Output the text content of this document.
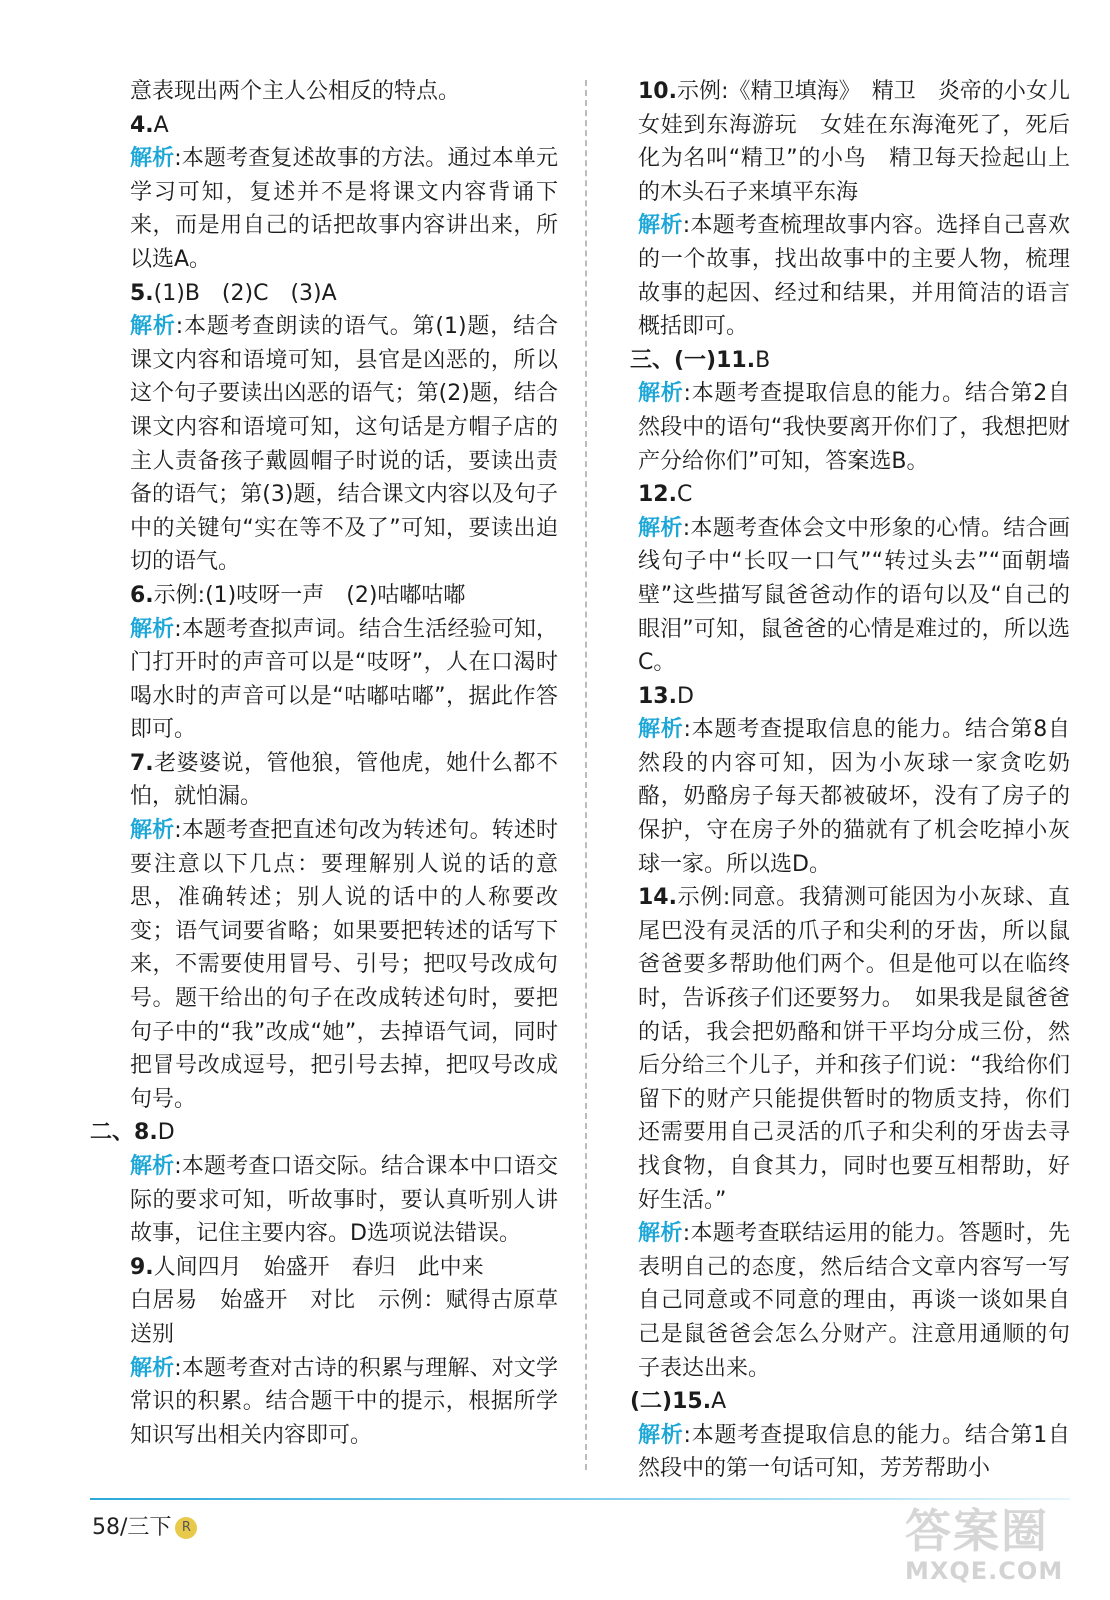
意表现出两个主人公相反的特点。
4.A
解析:本题考查复述故事的方法。通过本单元学习可知，复述并不是将课文内容背诵下来，而是用自己的话把故事内容讲出来，所以选A。
5.(1)B　(2)C　(3)A
解析:本题考查朗读的语气。第(1)题，结合课文内容和语境可知，县官是凶恶的，所以这个句子要读出凶恶的语气；第(2)题，结合课文内容和语境可知，这句话是方帽子店的主人责备孩子戴圆帽子时说的话，要读出责备的语气；第(3)题，结合课文内容以及句子中的关键句“实在等不及了”可知，要读出迫切的语气。
6.示例:(1)吱呀一声　(2)咕嘟咕嘟
解析:本题考查拟声词。结合生活经验可知，门打开时的声音可以是“吱呀”，人在口渴时喝水时的声音可以是“咕嘟咕嘟”，据此作答即可。
7.老婆婆说，管他狼，管他虎，她什么都不怕，就怕漏。
解析:本题考查把直述句改为转述句。转述时要注意以下几点：要理解别人说的话的意思，准确转述；别人说的话中的人称要改变；语气词要省略；如果要把转述的话写下来，不需要使用冒号、引号；把叹号改成句号。题干给出的句子在改成转述句时，要把句子中的“我”改成“她”，去掉语气词，同时把冒号改成逗号，把引号去掉，把叹号改成句号。
二、8.D
解析:本题考查口语交际。结合课本中口语交际的要求可知，听故事时，要认真听别人讲故事，记住主要内容。D选项说法错误。
9.人间四月　始盛开　春归　此中来
白居易　始盛开　对比　示例：赋得古原草送别
解析:本题考查对古诗的积累与理解、对文学常识的积累。结合题干中的提示，根据所学知识写出相关内容即可。
10.示例:《精卫填海》　精卫　炎帝的小女儿女娃到东海游玩　女娃在东海淹死了，死后化为名叫“精卫”的小鸟　精卫每天捡起山上的木头石子来填平东海
解析:本题考查梳理故事内容。选择自己喜欢的一个故事，找出故事中的主要人物，梳理故事的起因、经过和结果，并用简洁的语言概括即可。
三、(一)11.B
解析:本题考查提取信息的能力。结合第2自然段中的语句“我快要离开你们了，我想把财产分给你们”可知，答案选B。
12.C
解析:本题考查体会文中形象的心情。结合画线句子中“长叹一口气”“转过头去”“面朝墙壁”这些描写鼠爸爸动作的语句以及“自己的眼泪”可知，鼠爸爸的心情是难过的，所以选C。
13.D
解析:本题考查提取信息的能力。结合第8自然段的内容可知，因为小灰球一家贪吃奶酪，奶酪房子每天都被破坏，没有了房子的保护，守在房子外的猫就有了机会吃掉小灰球一家。所以选D。
14.示例:同意。我猜测可能因为小灰球、直尾巴没有灵活的爪子和尖利的牙齿，所以鼠爸爸要多帮助他们两个。但是他可以在临终时，告诉孩子们还要努力。　如果我是鼠爸爸的话，我会把奶酪和饼干平均分成三份，然后分给三个儿子，并和孩子们说：“我给你们留下的财产只能提供暂时的物质支持，你们还需要用自己灵活的爪子和尖利的牙齿去寻找食物，自食其力，同时也要互相帮助，好好生活。”
解析:本题考查联结运用的能力。答题时，先表明自己的态度，然后结合文章内容写一写自己同意或不同意的理由，再谈一谈如果自己是鼠爸爸会怎么分财产。注意用通顺的句子表达出来。
(二)15.A
解析:本题考查提取信息的能力。结合第1自然段中的第一句话可知，芳芳帮助小
58/三下 R	答案圈
MXQE.COM
